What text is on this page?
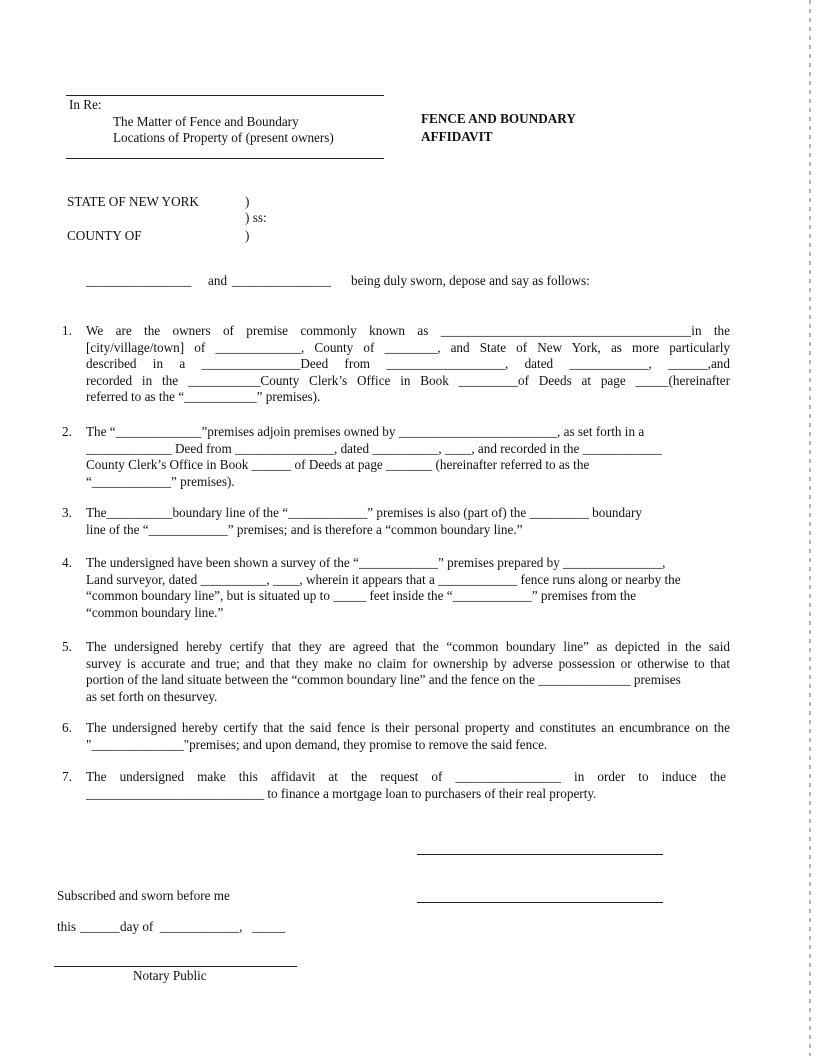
In Re:
The Matter of Fence and Boundary
Locations of Property of (present owners)
FENCE AND BOUNDARY
AFFIDAVIT
STATE OF NEW YORK	)
) ss:
COUNTY OF	)
________________ and _______________ being duly sworn, depose and say as follows:
1. We are the owners of premise commonly known as ______________________________________in the
[city/village/town] of _____________, County of ________, and State of New York, as more particularly
described in a _______________Deed from __________________, dated ____________, ______,and
recorded in the ___________County Clerk’s Office in Book _________of Deeds at page _____(hereinafter
referred to as the “___________” premises).
2. The “_____________”premises adjoin premises owned by ________________________, as set forth in a
_____________ Deed from _______________, dated __________, ____, and recorded in the ____________
County Clerk’s Office in Book ______ of Deeds at page _______ (hereinafter referred to as the
“____________” premises).
3. The__________boundary line of the “____________” premises is also (part of) the _________ boundary
line of the “____________” premises; and is therefore a “common boundary line.”
4. The undersigned have been shown a survey of the “____________” premises prepared by _______________,
Land surveyor, dated __________, ____, wherein it appears that a ____________ fence runs along or nearby the
“common boundary line”, but is situated up to _____ feet inside the “____________” premises from the
“common boundary line.”
5. The undersigned hereby certify that they are agreed that the “common boundary line” as depicted in the said
survey is accurate and true; and that they make no claim for ownership by adverse possession or otherwise to that
portion of the land situate between the “common boundary line” and the fence on the ______________ premises
as set forth on thesurvey.
6. The undersigned hereby certify that the said fence is their personal property and constitutes an encumbrance on the
"______________"premises; and upon demand, they promise to remove the said fence.
7. The undersigned make this affidavit at the request of ________________ in order to induce the
___________________________ to finance a mortgage loan to purchasers of their real property.
Subscribed and sworn before me
this ______ day of ____________, _____
Notary Public
